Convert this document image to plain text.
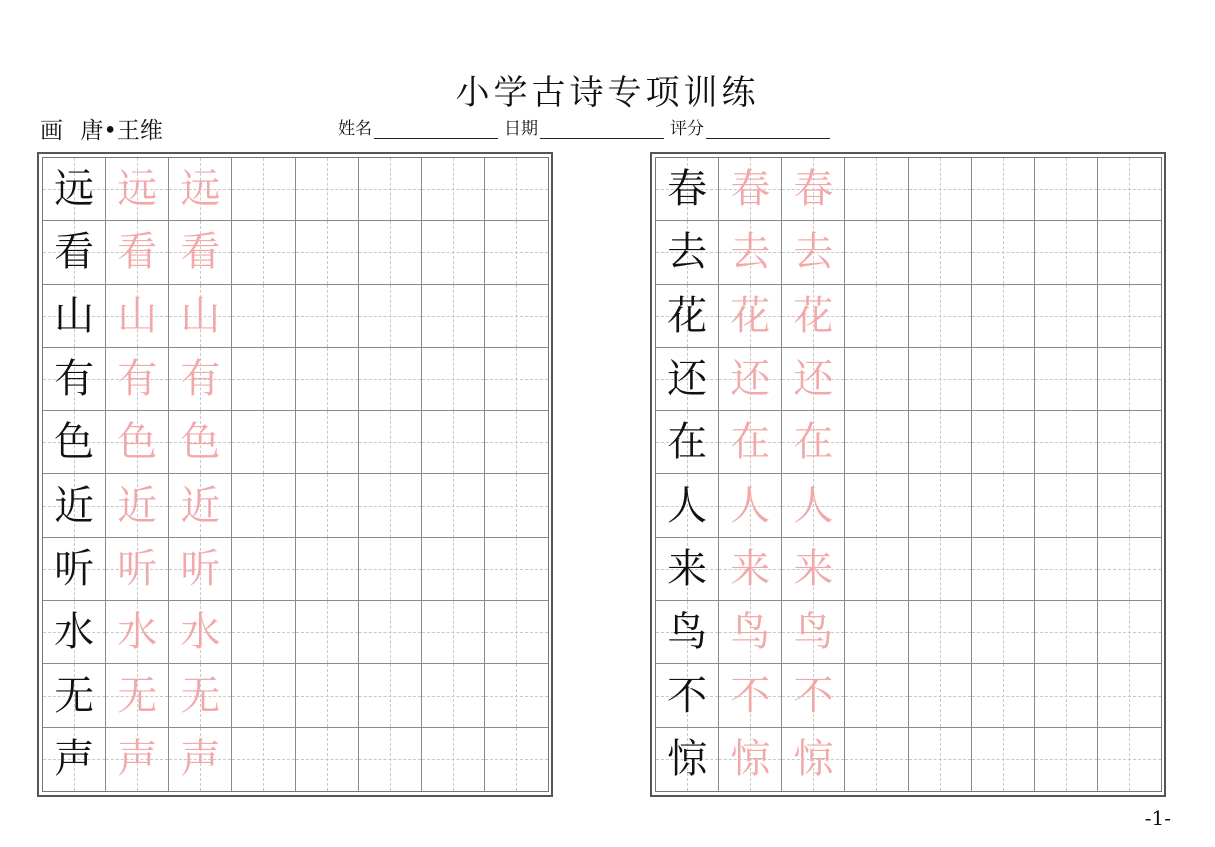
小学古诗专项训练
画 唐•王维	姓名	日期	评分
远 远 远
看 看 看
山 山 山
有 有 有
色 色 色
近 近 近
听 听 听
水 水 水
无 无 无
声 声 声
春 春 春
去 去 去
花 花 花
还 还 还
在 在 在
人 人 人
来 来 来
鸟 鸟 鸟
不 不 不
惊 惊 惊
-1-
